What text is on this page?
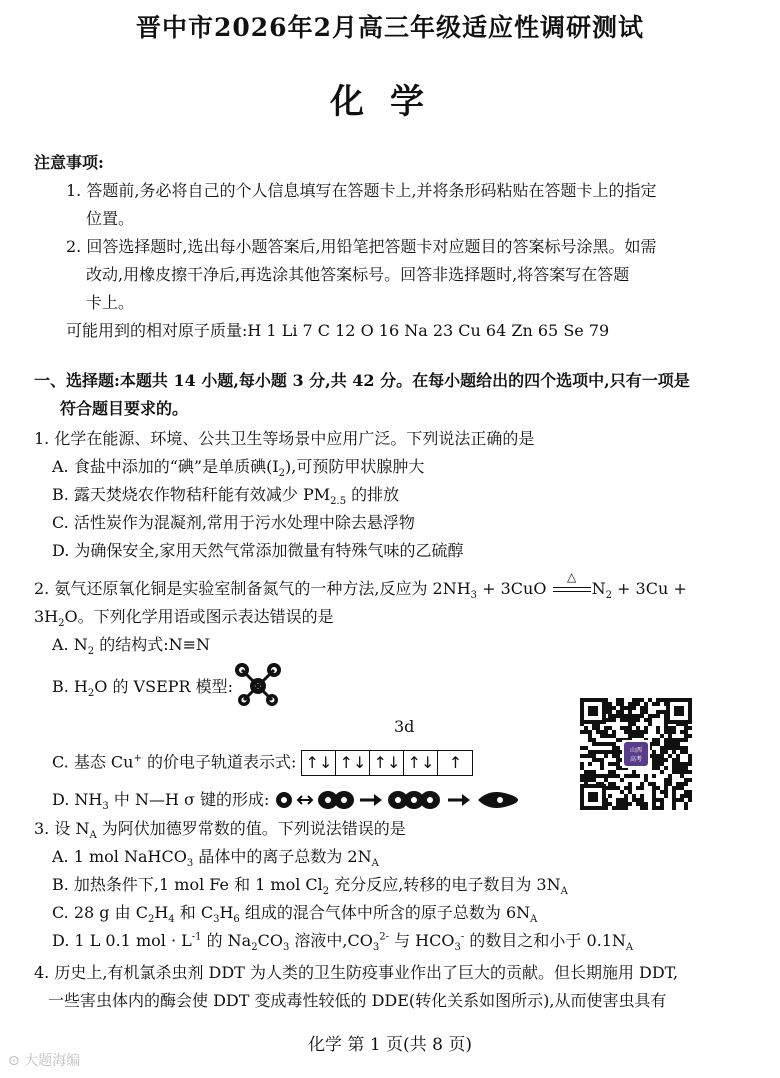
晋中市2026年2月高三年级适应性调研测试
化学
注意事项:
1. 答题前,务必将自己的个人信息填写在答题卡上,并将条形码粘贴在答题卡上的指定
位置。
2. 回答选择题时,选出每小题答案后,用铅笔把答题卡对应题目的答案标号涂黑。如需
改动,用橡皮擦干净后,再选涂其他答案标号。回答非选择题时,将答案写在答题
卡上。
可能用到的相对原子质量:H 1 Li 7 C 12 O 16 Na 23 Cu 64 Zn 65 Se 79
一、选择题:本题共 14 小题,每小题 3 分,共 42 分。在每小题给出的四个选项中,只有一项是
符合题目要求的。
1. 化学在能源、环境、公共卫生等场景中应用广泛。下列说法正确的是
A. 食盐中添加的“碘”是单质碘$(I_2)$,可预防甲状腺肿大
B. 露天焚烧农作物秸秆能有效减少 $PM_{2.5}$ 的排放
C. 活性炭作为混凝剂,常用于污水处理中除去悬浮物
D. 为确保安全,家用天然气常添加微量有特殊气味的乙硫醇
2. 氨气还原氧化铜是实验室制备氮气的一种方法,反应为 $2NH_3 + 3CuO$
△
$N_2 + 3Cu$ +
$3H_2O$。下列化学用语或图示表达错误的是
A. $N_2$ 的结构式:N≡N
B. $H_2O$ 的 VSEPR 模型:
3d
C. 基态 Cu+ 的价电子轨道表示式: ↑↓ ↑↓ ↑↓ ↑↓ ↑
D. $NH_3$ 中 N—H σ 键的形成:
山西
高考
3. 设 $N_A$ 为阿伏加德罗常数的值。下列说法错误的是
A. 1 mol NaHCO$_3$ 晶体中的离子总数为 $2N_A$
B. 加热条件下,1 mol Fe 和 1 mol $Cl_2$ 充分反应,转移的电子数目为 $3N_A$
C. 28 g 由 $C_2H_4$ 和 $C_3H_6$ 组成的混合气体中所含的原子总数为 $6N_A$
D. 1 L 0.1 mol · $L^{-1}$ 的 $Na_2CO_3$ 溶液中$,CO_3^{2-}$ 与 $HCO_3^-$ 的数目之和小于 $0.1N_A$
4. 历史上,有机氯杀虫剂 DDT 为人类的卫生防疫事业作出了巨大的贡献。但长期施用 DDT,
一些害虫体内的酶会使 DDT 变成毒性较低的 DDE(转化关系如图所示),从而使害虫具有
化学 第 1 页(共 8 页)
⊙ 大题海编
